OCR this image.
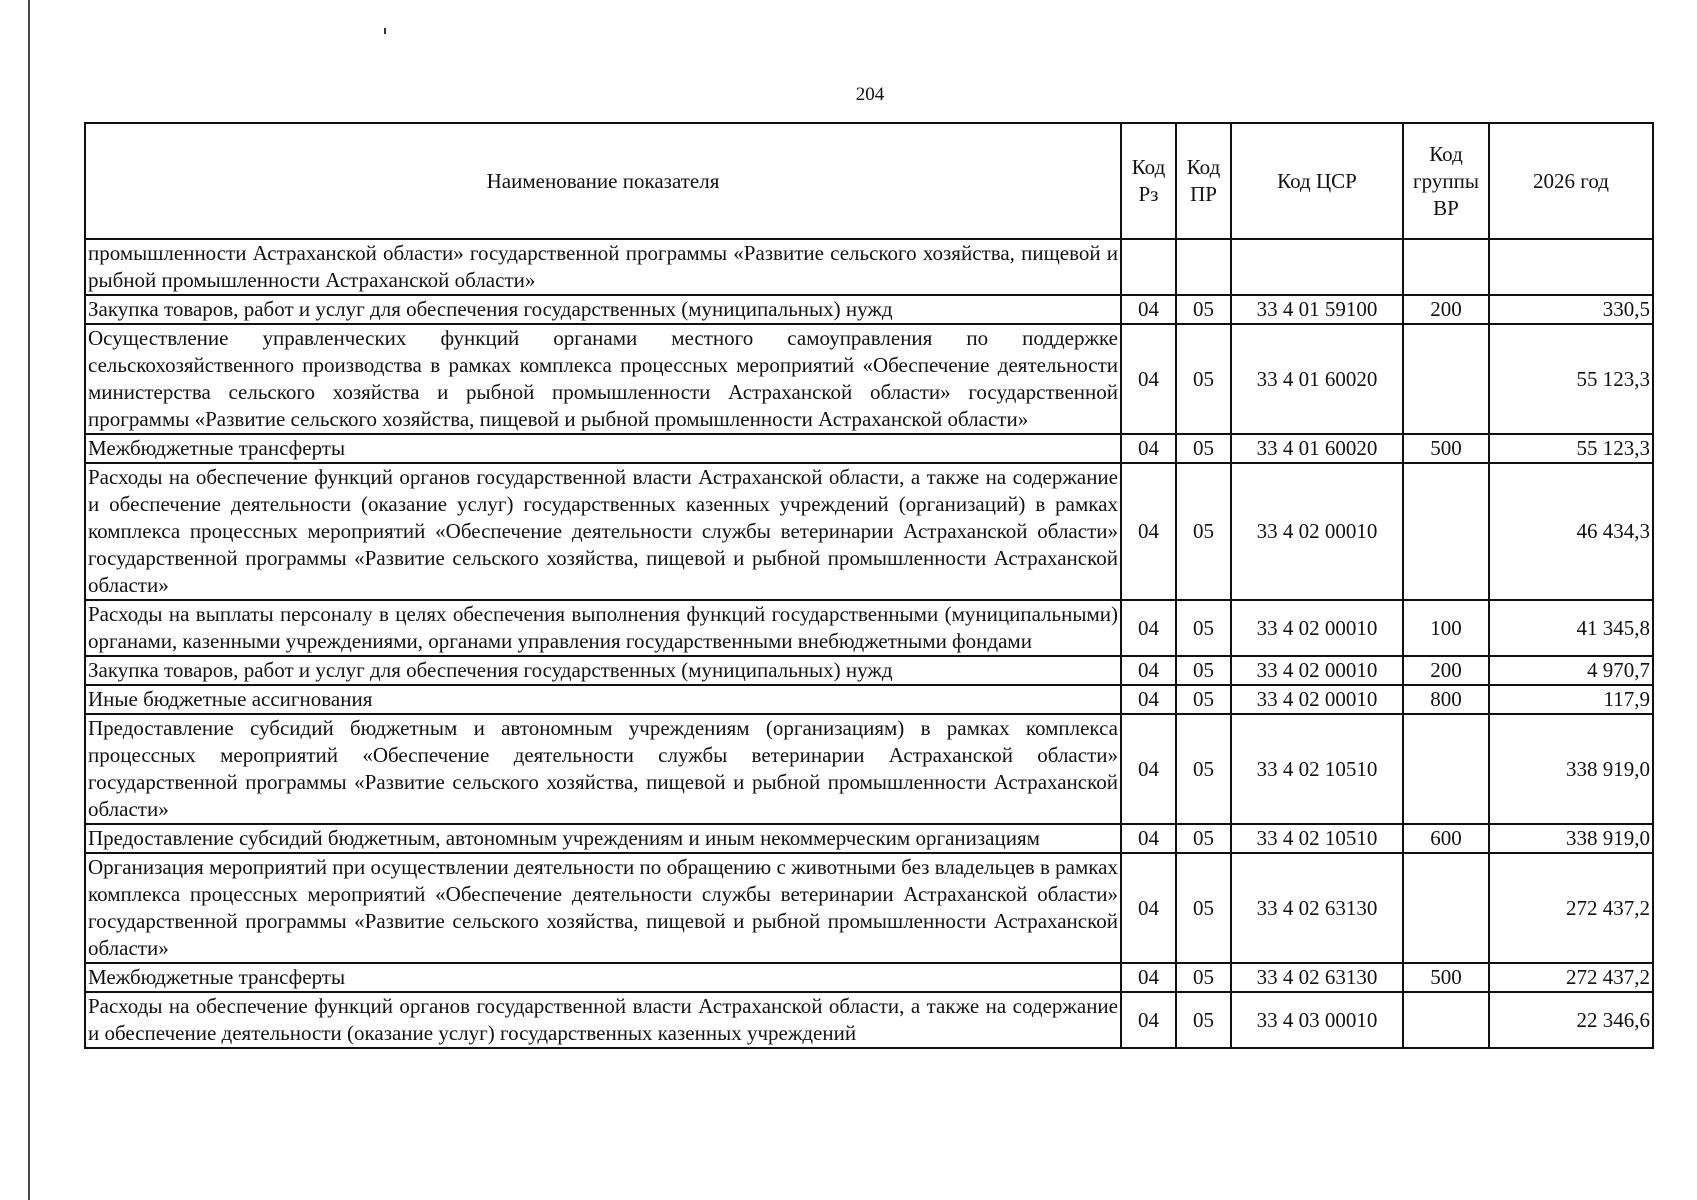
204
Наименование показателя	Код Рз	Код ПР	Код ЦСР	Код группы ВР	2026 год
промышленности Астраханской области» государственной программы «Развитие сельского хозяйства, пищевой и рыбной промышленности Астраханской области»					
Закупка товаров, работ и услуг для обеспечения государственных (муниципальных) нужд	04	05	33 4 01 59100	200	330,5
Осуществление управленческих функций органами местного самоуправления по поддержке сельскохозяйственного производства в рамках комплекса процессных мероприятий «Обеспечение деятельности министерства сельского хозяйства и рыбной промышленности Астраханской области» государственной программы «Развитие сельского хозяйства, пищевой и рыбной промышленности Астраханской области»	04	05	33 4 01 60020		55 123,3
Межбюджетные трансферты	04	05	33 4 01 60020	500	55 123,3
Расходы на обеспечение функций органов государственной власти Астраханской области, а также на содержание и обеспечение деятельности (оказание услуг) государственных казенных учреждений (организаций) в рамках комплекса процессных мероприятий «Обеспечение деятельности службы ветеринарии Астраханской области» государственной программы «Развитие сельского хозяйства, пищевой и рыбной промышленности Астраханской области»	04	05	33 4 02 00010		46 434,3
Расходы на выплаты персоналу в целях обеспечения выполнения функций государственными (муниципальными) органами, казенными учреждениями, органами управления государственными внебюджетными фондами	04	05	33 4 02 00010	100	41 345,8
Закупка товаров, работ и услуг для обеспечения государственных (муниципальных) нужд	04	05	33 4 02 00010	200	4 970,7
Иные бюджетные ассигнования	04	05	33 4 02 00010	800	117,9
Предоставление субсидий бюджетным и автономным учреждениям (организациям) в рамках комплекса процессных мероприятий «Обеспечение деятельности службы ветеринарии Астраханской области» государственной программы «Развитие сельского хозяйства, пищевой и рыбной промышленности Астраханской области»	04	05	33 4 02 10510		338 919,0
Предоставление субсидий бюджетным, автономным учреждениям и иным некоммерческим организациям	04	05	33 4 02 10510	600	338 919,0
Организация мероприятий при осуществлении деятельности по обращению с животными без владельцев в рамках комплекса процессных мероприятий «Обеспечение деятельности службы ветеринарии Астраханской области» государственной программы «Развитие сельского хозяйства, пищевой и рыбной промышленности Астраханской области»	04	05	33 4 02 63130		272 437,2
Межбюджетные трансферты	04	05	33 4 02 63130	500	272 437,2
Расходы на обеспечение функций органов государственной власти Астраханской области, а также на содержание и обеспечение деятельности (оказание услуг) государственных казенных учреждений	04	05	33 4 03 00010		22 346,6
